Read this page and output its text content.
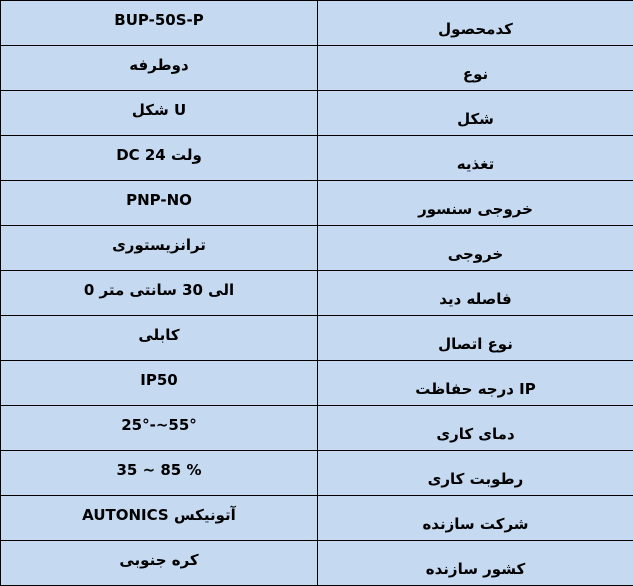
BUP-50S-P	کدمحصول
دوطرفه	نوع
شکل U	شکل
DC ولت 24	تغذیه
PNP-NO	خروجی سنسور
ترانزیستوری	خروجی
الی 30 سانتی متر 0	فاصله دید
کابلی	نوع اتصال
IP50	درجه حفاظت IP
25°-~55°	دمای کاری
35 ~ 85 %	رطوبت کاری
AUTONICS آتونیکس	شرکت سازنده
کره جنوبی	کشور سازنده
